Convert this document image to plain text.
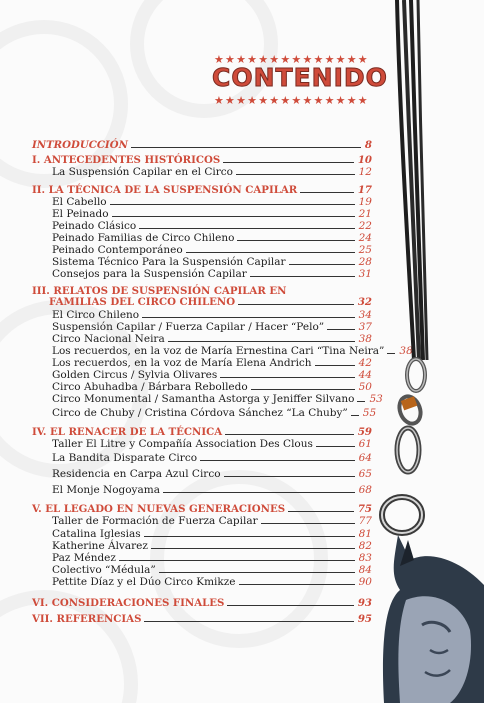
★★★★★★★★★★★★★★
CONTENIDO
★★★★★★★★★★★★★★
INTRODUCCIÓN	8
I. ANTECEDENTES HISTÓRICOS	10
La Suspensión Capilar en el Circo	12
II. LA TÉCNICA DE LA SUSPENSIÓN CAPILAR	17
El Cabello	19
El Peinado	21
Peinado Clásico	22
Peinado Familias de Circo Chileno	24
Peinado Contemporáneo	25
Sistema Técnico Para la Suspensión Capilar	28
Consejos para la Suspensión Capilar	31
III. RELATOS DE SUSPENSIÓN CAPILAR EN
FAMILIAS DEL CIRCO CHILENO	32
El Circo Chileno	34
Suspensión Capilar / Fuerza Capilar / Hacer “Pelo”	37
Circo Nacional Neira	38
Los recuerdos, en la voz de María Ernestina Cari “Tina Neira” 38
Los recuerdos, en la voz de María Elena Andrich	42
Golden Circus / Sylvia Olivares	44
Circo Abuhadba / Bárbara Rebolledo	50
Circo Monumental / Samantha Astorga y Jeniffer Silvano 53
Circo de Chuby / Cristina Córdova Sánchez “La Chuby” 55
IV. EL RENACER DE LA TÉCNICA	59
Taller El Litre y Compañía Association Des Clous	61
La Bandita Disparate Circo	64
Residencia en Carpa Azul Circo	65
El Monje Nogoyama	68
V. EL LEGADO EN NUEVAS GENERACIONES	75
Taller de Formación de Fuerza Capilar	77
Catalina Iglesias	81
Katherine Álvarez	82
Paz Méndez	83
Colectivo “Médula”	84
Pettite Díaz y el Dúo Circo Kmikze	90
VI. CONSIDERACIONES FINALES	93
VII. REFERENCIAS	95
